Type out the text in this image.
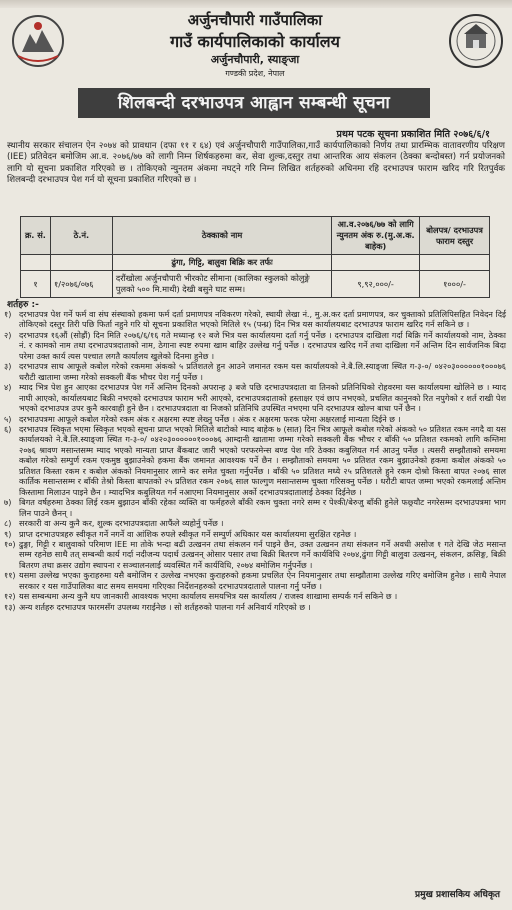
अर्जुनचौपारी गाउँपालिका
गाउँ कार्यपालिकाको कार्यालय
अर्जुनचौपारी, स्याङ्जा
गण्डकी प्रदेश, नेपाल
शिलबन्दी दरभाउपत्र आह्वान सम्बन्धी सूचना
प्रथम पटक सूचना प्रकाशित मिति २०७६/६/१
स्थानीय सरकार संचालन ऐन २०७४ को प्रावधान (दफा ११ र ६४) एवं अर्जुनचौपारी गाउँपालिका,गाउँ कार्यपालिकाको निर्णय तथा प्रारम्भिक वातावरणीय परिक्षण (IEE) प्रतिवेदन बमोजिम आ.व. २०७६/७७ को लागी निम्न शिर्षकहरुमा कर, सेवा शुल्क,दस्तुर तथा आन्तरिक आय संकलन (ठेक्का बन्दोबस्त) गर्न प्रयोजनको लागि यो सूचना प्रकाशित गरिएको छ । तोकिएको न्युनतम अंकमा नघट्ने गरि निम्न लिखित शर्तहरुको अधिनमा रहि दरभाउपत्र फाराम खरिद गरि रितपुर्वक शिलबन्दी दरभाउपत्र पेश गर्न यो सूचना प्रकाशित गरिएको छ ।
क्र. सं.	ठे.नं.	ठेक्काको नाम	आ.व.२०७६/७७ को लागि न्युनतम अंक रु.(मु.अ.क. बाहेक)	बोलपत्र/ दरभाउपत्र फाराम दस्तुर
		ढुंगा, गिट्टि, बालुवा बिक्रि कर तर्फः		
१	१/२०७६/०७६	दरौंखोला अर्जुनचौपारी भीरकोट सीमाना (कालिका स्कुलको कोलुङ्गे पुलको ५०० मि.माथी) देखी बसुने घाट सम्म।	९,९२,०००/-	१०००/-
शर्तहरु :-
१) दरभाउपत्र पेश गर्ने फर्म वा संघ संस्थाको हकमा फर्म दर्ता प्रमाणपत्र नविकरण गरेको, स्थायी लेखा नं., मु.अ.कर दर्ता प्रमाणपत्र, कर चुक्ताको प्रतिलिपिसहित निवेदन दिई तोकिएको दस्तुर तिरी पछि फिर्ता नहुने गरि यो सूचना प्रकाशित भएको मितिले १५ (पन्ध्र) दिन भित्र यस कार्यालयबाट दरभाउपत्र फाराम खरिद गर्न सकिने छ ।
२) दरभाउपत्र १६औं (सोह्रौं) दिन मिति २०७६/६/१६ गते मध्यान्ह १२ बजे भित्र यस कार्यालयमा दर्ता गर्नु पर्नेछ । दरभाउपत्र दाखिला गर्दा बिक्रि गर्ने कार्यालयको नाम, ठेक्का नं. र कामको नाम तथा दरभाउपत्रदाताको नाम, ठेगाना स्पष्ट रुपमा खाम बाहिर उल्लेख गर्नु पर्नेछ । दरभाउपत्र खरिद गर्ने तथा दाखिला गर्ने अन्तिम दिन सार्वजनिक बिदा परेमा उक्त कार्य त्यस पश्चात लगतै कार्यालय खुलेको दिनमा हुनेछ ।
३) दरभाउपत्र साथ आफूले कबोल गरेको रकममा अंकको ५ प्रतिशतले हुन आउने जमानत रकम यस कार्यालयको ने.बै.लि.स्याङ्जा स्थित ग-३-०/ ०४२०३००००००१०००७६ धरौटी खातामा जम्मा गरेको सक्कली बैंक भौचर पेश गर्नु पर्नेछ ।
४) म्याद भित्र पेश हुन आएका दरभाउपत्र पेश गर्ने अन्तिम दिनको अपरान्ह ३ बजे पछि दरभाउपत्रदाता वा तिनको प्रतिनिधिको रोहवरमा यस कार्यालयमा खोलिने छ । म्याद नाघी आएको, कार्यालयबाट बिक्री नभएको दरभाउपत्र फाराम भरी आएको, दरभाउपत्रदाताको हस्ताक्षर एवं छाप नभएको, प्रचलित कानुनको रित नपुगेको र शर्त राखी पेश भएको दरभाउपत्र उपर कुनै कारवाही हुने छैन । दरभाउपत्रदाता वा निजको प्रतिनिधि उपस्थित नभएमा पनि दरभाउपत्र खोल्न बाधा पर्ने छैन ।
५) दरभाउपत्रमा आफूले कबोल गरेको रकम अंक र अक्षरमा स्पष्ट लेख्नु पर्नेछ । अंक र अक्षरमा फरक परेमा अक्षरलाई मान्यता दिईने छ ।
६) दरभाउपत्र स्विकृत भएमा स्विकृत भएको सूचना प्राप्त भएको मितिले बाटोको म्याद बाहेक ७ (सात) दिन भित्र आफूले कबोल गरेको अंकको ५० प्रतिशत रकम नगदै वा यस कार्यालयको ने.बै.लि.स्याङ्जा स्थित ग-३-०/ ०४२०३००००००१०००७६ आम्दानी खातामा जम्मा गरेको सक्कली बैंक भौचर र बाँकी ५० प्रतिशत रकमको लागि कम्तिमा २०७६ श्रावण मसान्तसम्म म्याद भएको मान्यता प्राप्त बैंकबाट जारी भएको परफरमेन्स बण्ड पेश गरि ठेक्का कबुलियत गर्न आउनु पर्नेछ । त्यसरी सम्झौताको समयमा कबोल गरेको सम्पुर्ण रकम एकमुष्ठ बुझाउनेको हकमा बैंक जमानत आवश्यक पर्ने छैन । सम्झौताको समयमा ५० प्रतिशत रकम बुझाउनेको हकमा कबोल अंकको ५० प्रतिशत किस्ता रकम र कबोल अंकको नियमानुसार लाग्ने कर समेत चुक्ता गर्नुपर्नेछ । बाँकी ५० प्रतिशत मध्ये २५ प्रतिशतले हुने रकम दोश्रो किस्ता बापत २०७६ साल कार्तिक मसान्तसम्म र बाँकी तेश्रो किस्ता बापतको २५ प्रतिशत रकम २०७६ साल फाल्गुण मसान्तसम्म चुक्ता गरिसक्नु पर्नेछ । धरौटी बापत जम्मा भएको रकमलाई अन्तिम किस्तामा मिलाउन पाइने छैन । म्यादभित्र कबुलियत गर्न नआएमा नियमानुसार अर्को दरभाउपत्रदातालाई ठेक्का दिईनेछ ।
७) बिगत वर्षहरुमा ठेक्का लिई रकम बुझाउन बाँकी रहेका व्यक्ति वा फर्महरुले बाँकी रकम चुक्ता नगरे सम्म र पेश्की/बेरुजु बाँकी हुनेले फछ्र्यौट नगरेसम्म दरभाउपत्रमा भाग लिन पाउने छैनन् ।
८) सरकारी वा अन्य कुनै कर, शुल्क दरभाउपत्रदाता आफैंले व्यहोर्नु पर्नेछ ।
९) प्राप्त दरभाउपत्रहरु स्वीकृत गर्ने नगर्ने वा आंशिक रुपले स्वीकृत गर्ने सम्पुर्ण अधिकार यस कार्यालयमा सुरक्षित रहनेछ ।
१०) ढुङ्गा, गिट्टी र बालुवाको परिमाण IEE मा तोके भन्दा बढी उत्खनन तथा संकलन गर्न पाइने छैन, उक्त उत्खनन तथा संकलन गर्ने अवधी असोज १ गते देखि जेठ मसान्त सम्म रहनेछ साथै तत् सम्बन्धी कार्य गर्दा नदीजन्य पदार्थ उत्खनन् ओसार पसार तथा बिक्री बितरण गर्ने कार्यविधि २०७४,ढुंगा गिट्टी बालुवा उत्खनन्, संकलन, क्रसिङ्ग, बिक्री बितरण तथा क्रसर उद्योग स्थापना र सञ्चालनलाई व्यवस्थित गर्ने कार्यविधि, २०७४ बमोजिम गर्नुपर्नेछ ।
११) यसमा उल्लेख भएका कुराहरुमा यसै बमोजिम र उल्लेख नभएका कुराहरुको हकमा प्रचलित ऐन नियमानुसार तथा सम्झौतामा उल्लेख गरिए बमोजिम हुनेछ । साथै नेपाल सरकार र यस गाउँपालिका बाट समय समयमा गरिएका निर्देशनहरुको दरभाउपत्रदाताले पालना गर्नु पर्नेछ ।
१२) यस सम्बन्धमा अन्य कुनै थप जानकारी आवश्यक भएमा कार्यालय समयभित्र यस कार्यालय / राजस्व शाखामा सम्पर्क गर्न सकिने छ ।
१३) अन्य शर्तहरु दरभाउपत्र फारमसँग उपलब्ध गराईनेछ । सो शर्तहरुको पालना गर्न अनिवार्य गरिएको छ ।
प्रमुख प्रशासकिय अधिकृत
